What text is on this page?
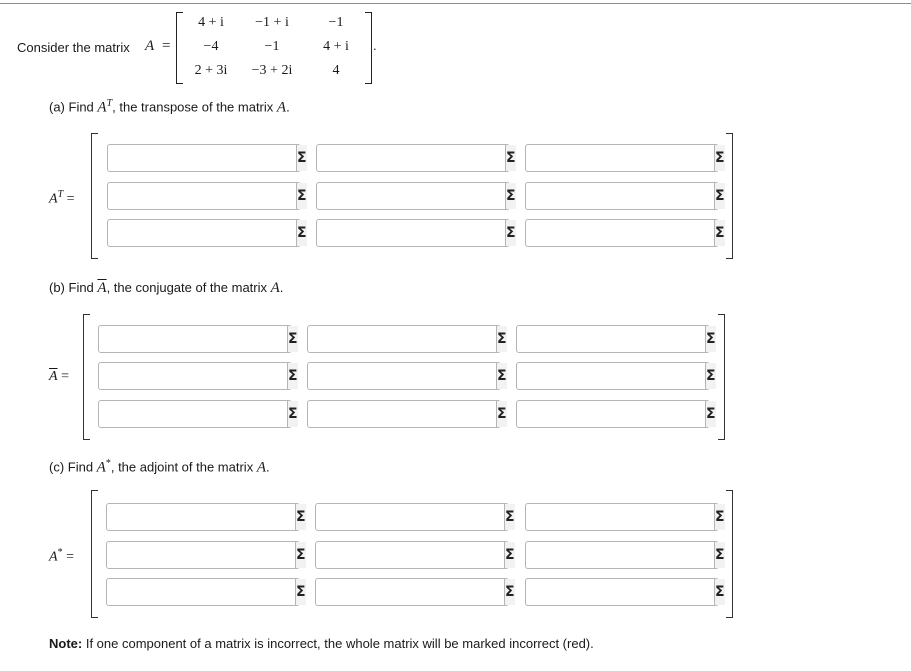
Consider the matrix A =
4 + i	−1 + i	−1
−4	−1	4 + i
2 + 3i	−3 + 2i	4
.
(a) Find $A^T$, the transpose of the matrix A.
$A^T$ =
(b) Find $\overline{A}$, the conjugate of the matrix A.
$\overline{A}$ =
(c) Find A*, the adjoint of the matrix A.
A* =
Σ	Σ	Σ
Σ	Σ	Σ
Σ	Σ	Σ
Σ	Σ	Σ
Σ	Σ	Σ
Σ	Σ	Σ
Σ	Σ	Σ
Σ	Σ	Σ
Σ	Σ	Σ
Note: If one component of a matrix is incorrect, the whole matrix will be marked incorrect (red).
